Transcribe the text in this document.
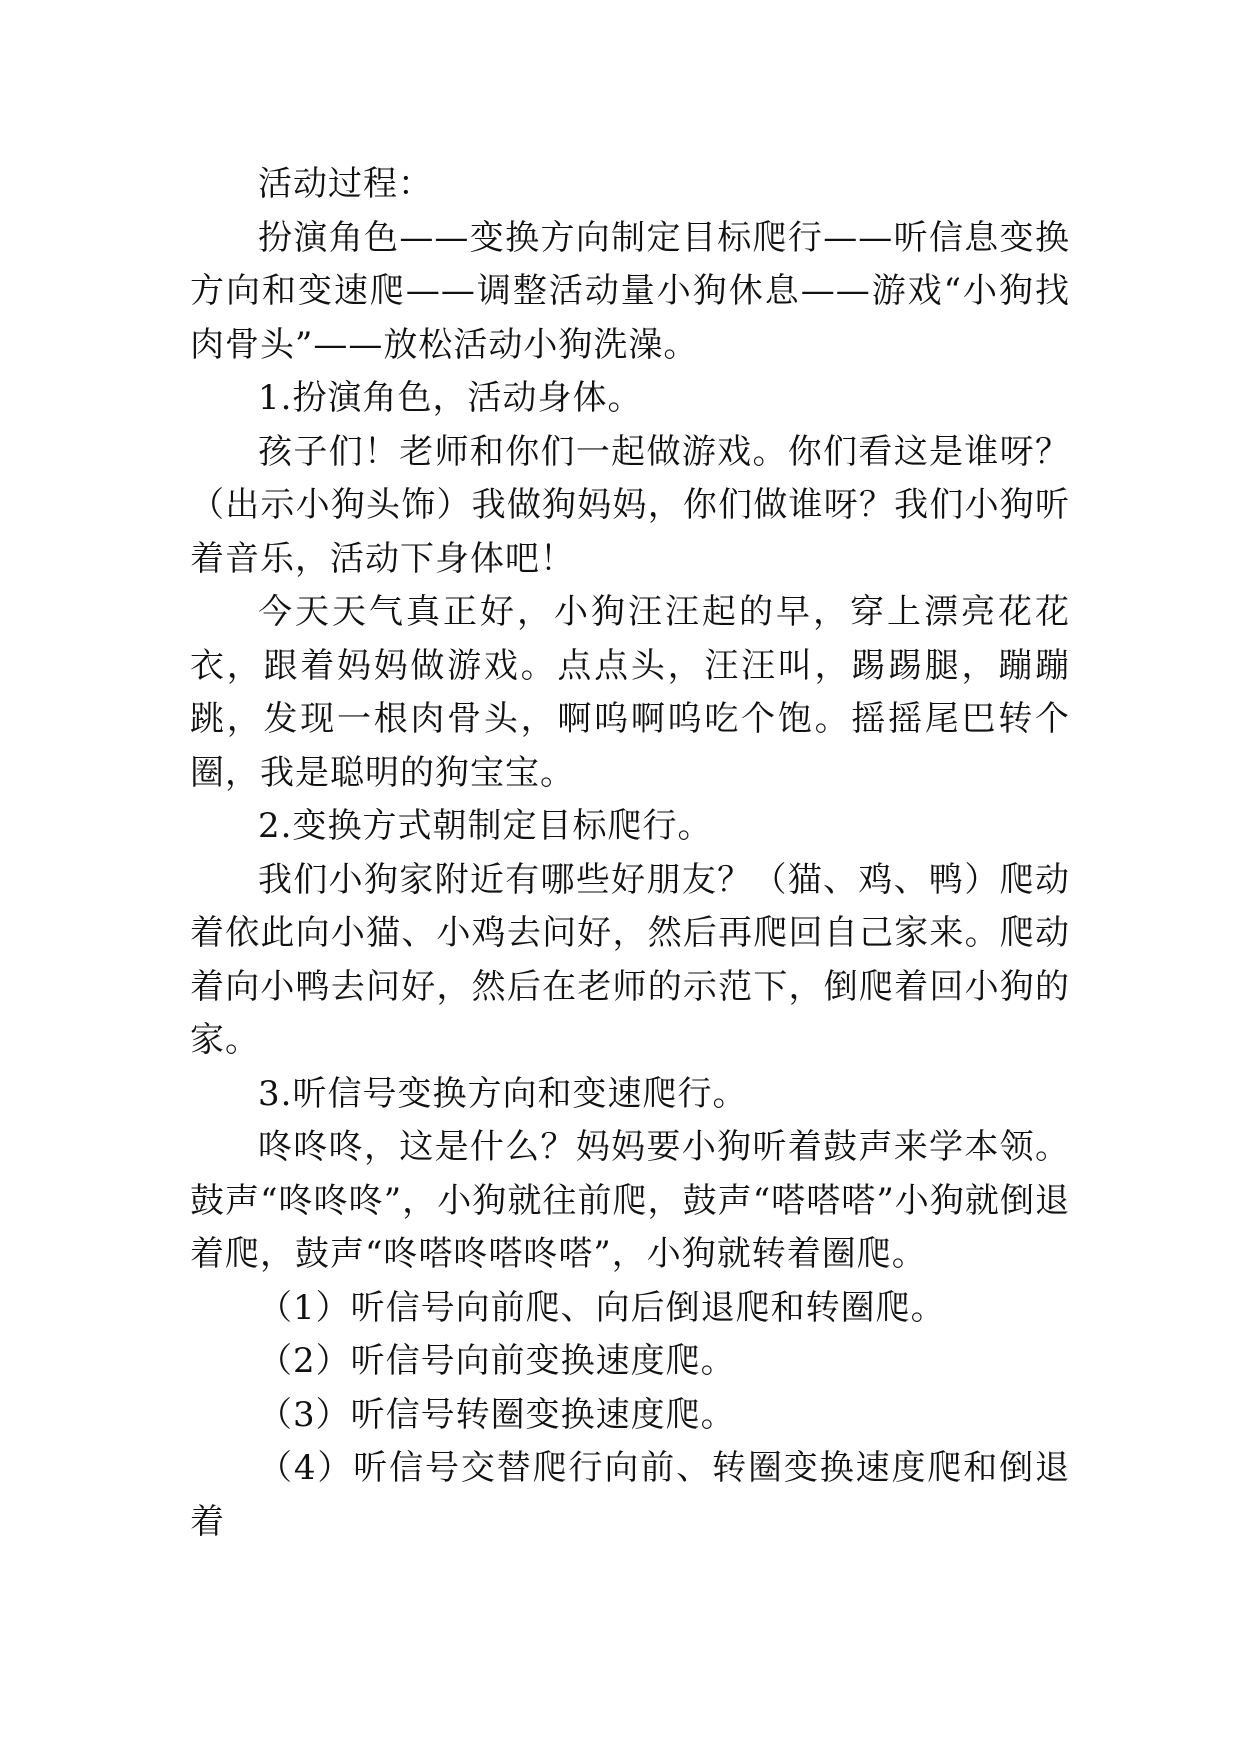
活动过程：

扮演角色——变换方向制定目标爬行——听信息变换方向和变速爬——调整活动量小狗休息——游戏“小狗找肉骨头”——放松活动小狗洗澡。

1.扮演角色，活动身体。

孩子们！老师和你们一起做游戏。你们看这是谁呀？（出示小狗头饰）我做狗妈妈，你们做谁呀？我们小狗听着音乐，活动下身体吧！

今天天气真正好，小狗汪汪起的早，穿上漂亮花花衣，跟着妈妈做游戏。点点头，汪汪叫，踢踢腿，蹦蹦跳，发现一根肉骨头，啊呜啊呜吃个饱。摇摇尾巴转个圈，我是聪明的狗宝宝。

2.变换方式朝制定目标爬行。

我们小狗家附近有哪些好朋友？（猫、鸡、鸭）爬动着依此向小猫、小鸡去问好，然后再爬回自己家来。爬动着向小鸭去问好，然后在老师的示范下，倒爬着回小狗的家。

3.听信号变换方向和变速爬行。

咚咚咚，这是什么？妈妈要小狗听着鼓声来学本领。鼓声“咚咚咚”，小狗就往前爬，鼓声“嗒嗒嗒”小狗就倒退着爬，鼓声“咚嗒咚嗒咚嗒”，小狗就转着圈爬。

（1）听信号向前爬、向后倒退爬和转圈爬。

（2）听信号向前变换速度爬。

（3）听信号转圈变换速度爬。

（4）听信号交替爬行向前、转圈变换速度爬和倒退着
